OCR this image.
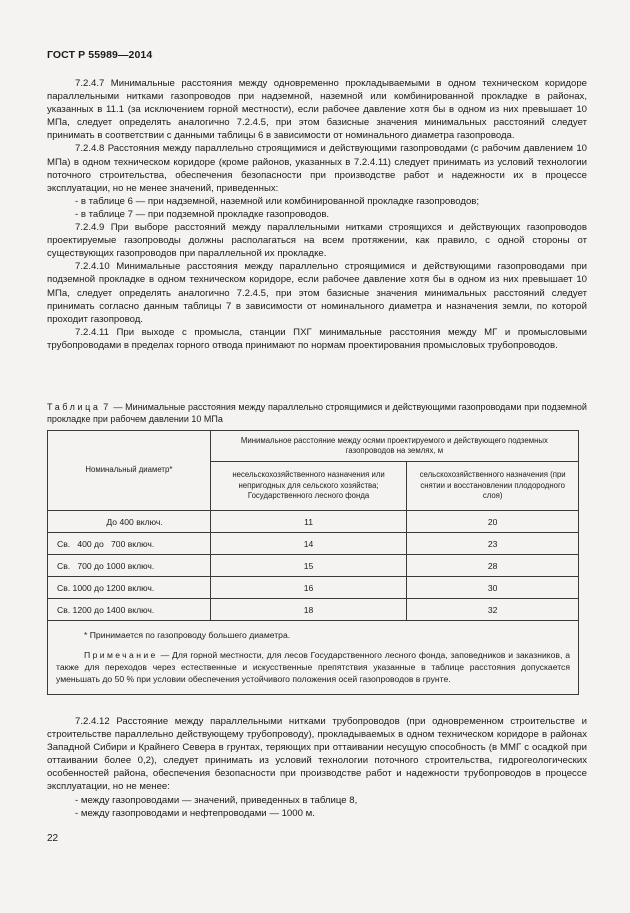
ГОСТ Р 55989—2014

7.2.4.7 Минимальные расстояния между одновременно прокладываемыми в одном техническом коридоре параллельными нитками газопроводов при надземной, наземной или комбинированной прокладке в районах, указанных в 11.1 (за исключением горной местности), если рабочее давление хотя бы в одном из них превышает 10 МПа, следует определять аналогично 7.2.4.5, при этом базисные значения минимальных расстояний следует принимать в соответствии с данными таблицы 6 в зависимости от номинального диаметра газопровода.

7.2.4.8 Расстояния между параллельно строящимися и действующими газопроводами (с рабочим давлением 10 МПа) в одном техническом коридоре (кроме районов, указанных в 7.2.4.11) следует принимать из условий технологии поточного строительства, обеспечения безопасности при производстве работ и надежности их в процессе эксплуатации, но не менее значений, приведенных:

- в таблице 6 — при надземной, наземной или комбинированной прокладке газопроводов;
- в таблице 7 — при подземной прокладке газопроводов.

7.2.4.9 При выборе расстояний между параллельными нитками строящихся и действующих газопроводов проектируемые газопроводы должны располагаться на всем протяжении, как правило, с одной стороны от существующих газопроводов при параллельной их прокладке.

7.2.4.10 Минимальные расстояния между параллельно строящимися и действующими газопроводами при подземной прокладке в одном техническом коридоре, если рабочее давление хотя бы в одном из них превышает 10 МПа, следует определять аналогично 7.2.4.5, при этом базисные значения минимальных расстояний следует принимать согласно данным таблицы 7 в зависимости от номинального диаметра и назначения земли, по которой проходит газопровод.

7.2.4.11 При выходе с промысла, станции ПХГ минимальные расстояния между МГ и промысловыми трубопроводами в пределах горного отвода принимают по нормам проектирования промысловых трубопроводов.

Таблица 7 — Минимальные расстояния между параллельно строящимися и действующими газопроводами при подземной прокладке при рабочем давлении 10 МПа
Номинальный диаметр*	Минимальное расстояние между осями проектируемого и действующего подземных газопроводов на землях, м	
	несельскохозяйственного назначения или непригодных для сельского хозяйства; Государственного лесного фонда	сельскохозяйственного назначения (при снятии и восстановлении плодородного слоя)
До 400 включ.	11	20
Св.   400 до   700 включ.	14	23
Св.   700 до 1000 включ.	15	28
Св. 1000 до 1200 включ.	16	30
Св. 1200 до 1400 включ.	18	32

* Принимается по газопроводу большего диаметра.

Примечание — Для горной местности, для лесов Государственного лесного фонда, заповедников и заказников, а также для переходов через естественные и искусственные препятствия указанные в таблице расстояния допускается уменьшать до 50 % при условии обеспечения устойчивого положения осей газопроводов в грунте.		

7.2.4.12 Расстояние между параллельными нитками трубопроводов (при одновременном строительстве и строительстве параллельно действующему трубопроводу), прокладываемых в одном техническом коридоре в районах Западной Сибири и Крайнего Севера в грунтах, теряющих при оттаивании несущую способность (в ММГ с осадкой при оттаивании более 0,2), следует принимать из условий технологии поточного строительства, гидрогеологических особенностей района, обеспечения безопасности при производстве работ и надежности трубопроводов в процессе эксплуатации, но не менее:

- между газопроводами — значений, приведенных в таблице 8,
- между газопроводами и нефтепроводами — 1000 м.
22
